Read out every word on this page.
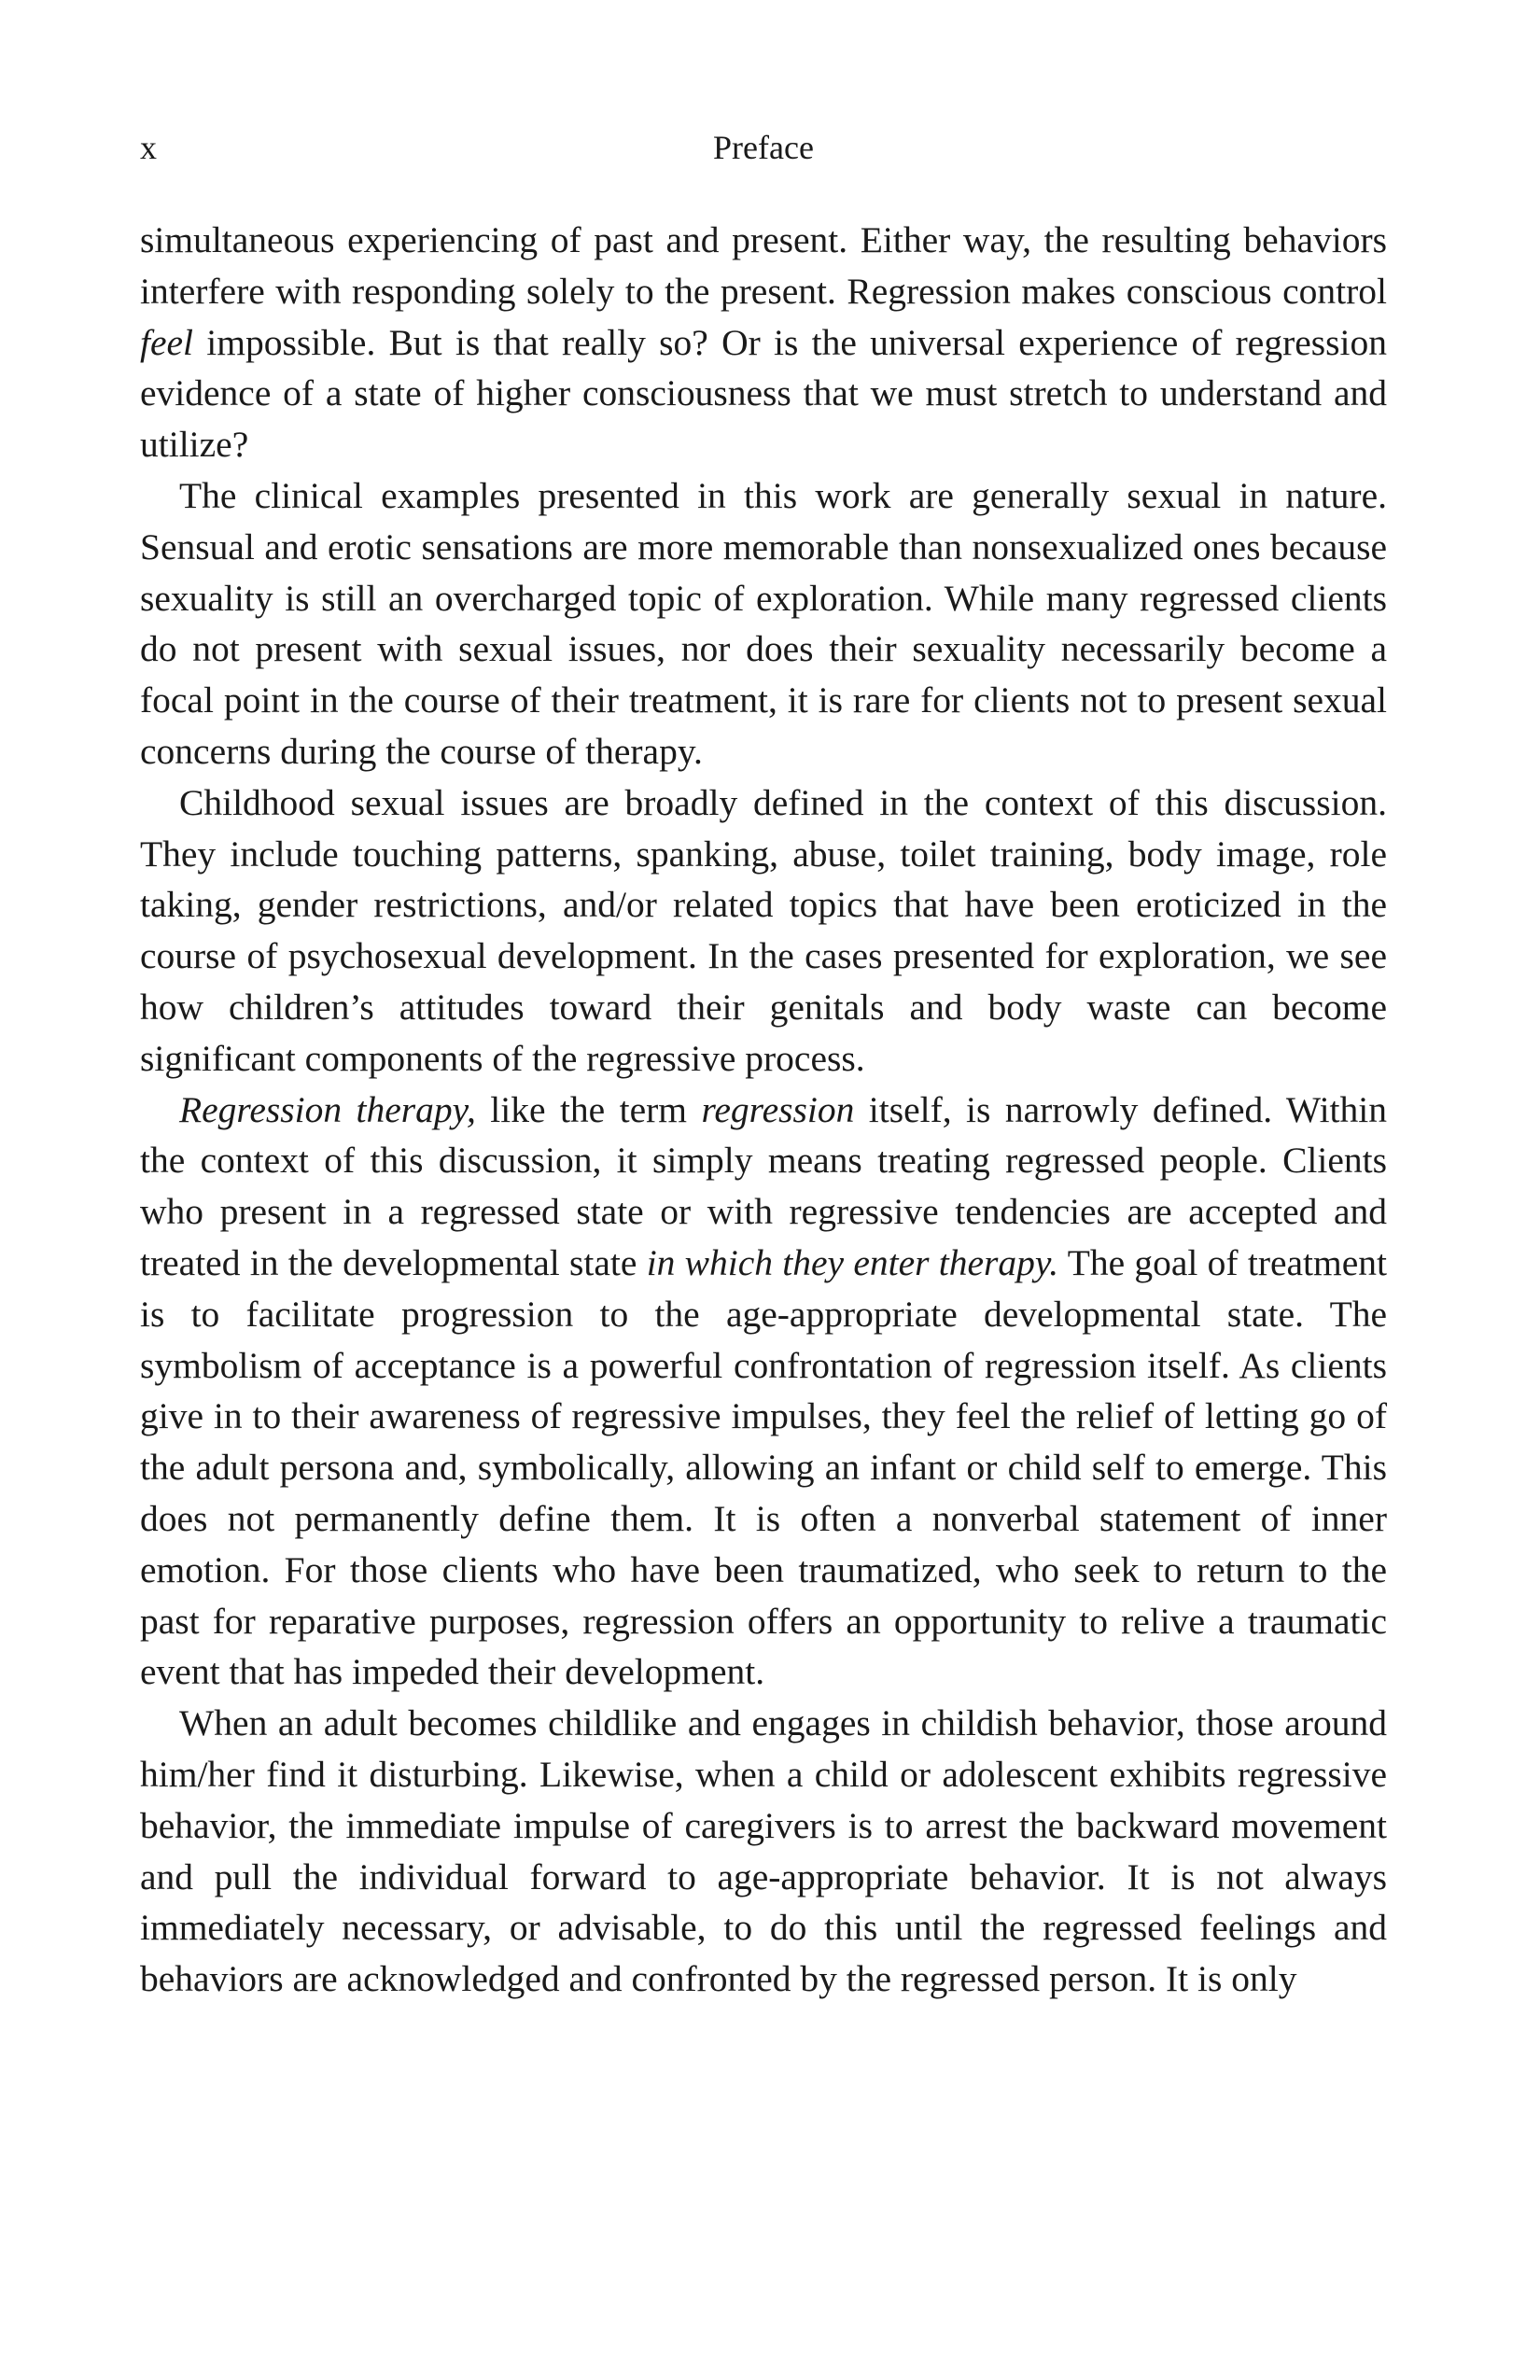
x	Preface

simultaneous experiencing of past and present. Either way, the resulting behaviors interfere with responding solely to the present. Regression makes conscious control feel impossible. But is that really so? Or is the universal experience of regression evidence of a state of higher consciousness that we must stretch to understand and utilize?

The clinical examples presented in this work are generally sexual in nature. Sensual and erotic sensations are more memorable than nonsexualized ones because sexuality is still an overcharged topic of exploration. While many regressed clients do not present with sexual issues, nor does their sexuality necessarily become a focal point in the course of their treatment, it is rare for clients not to present sexual concerns during the course of therapy.

Childhood sexual issues are broadly defined in the context of this discussion. They include touching patterns, spanking, abuse, toilet training, body image, role taking, gender restrictions, and/or related topics that have been eroticized in the course of psychosexual development. In the cases presented for exploration, we see how children’s attitudes toward their genitals and body waste can become significant components of the regressive process.

Regression therapy, like the term regression itself, is narrowly defined. Within the context of this discussion, it simply means treating regressed people. Clients who present in a regressed state or with regressive tendencies are accepted and treated in the developmental state in which they enter therapy. The goal of treatment is to facilitate progression to the age-appropriate developmental state. The symbolism of acceptance is a powerful confrontation of regression itself. As clients give in to their awareness of regressive impulses, they feel the relief of letting go of the adult persona and, symbolically, allowing an infant or child self to emerge. This does not permanently define them. It is often a nonverbal statement of inner emotion. For those clients who have been traumatized, who seek to return to the past for reparative purposes, regression offers an opportunity to relive a traumatic event that has impeded their development.

When an adult becomes childlike and engages in childish behavior, those around him/her find it disturbing. Likewise, when a child or adolescent exhibits regressive behavior, the immediate impulse of caregivers is to arrest the backward movement and pull the individual forward to age-appropriate behavior. It is not always immediately necessary, or advisable, to do this until the regressed feelings and behaviors are acknowledged and confronted by the regressed person. It is only
